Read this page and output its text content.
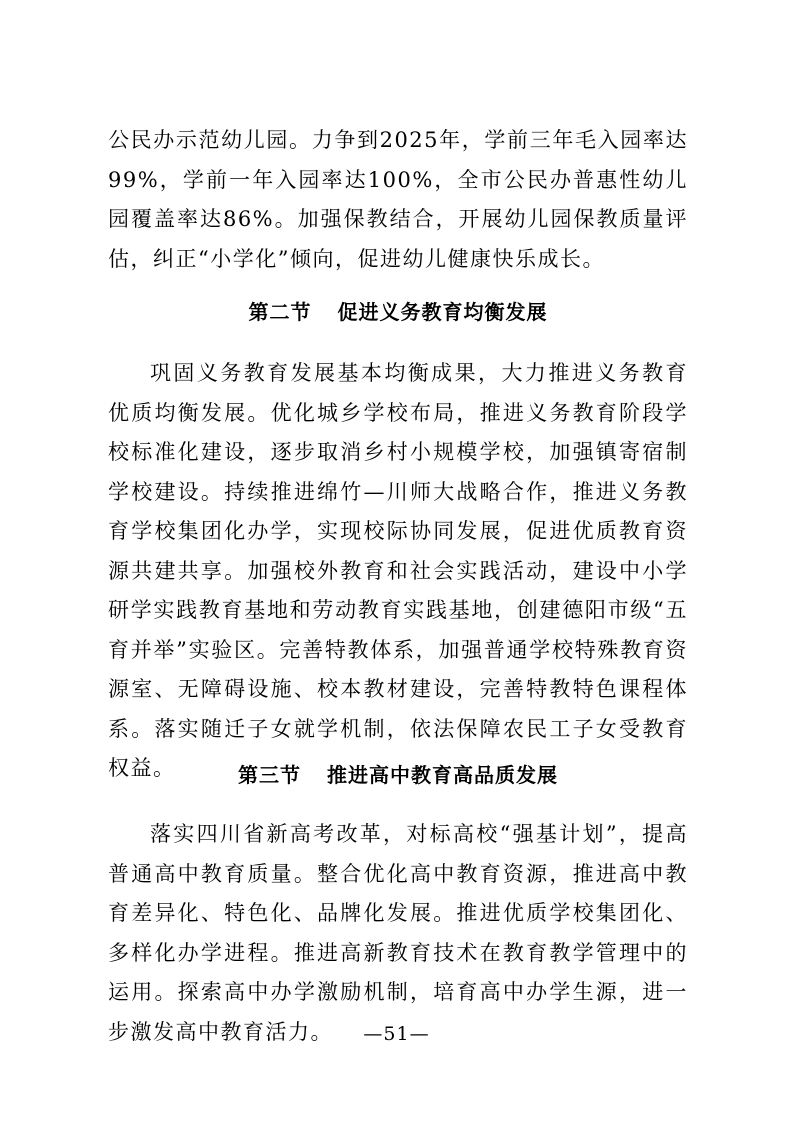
公民办示范幼儿园。力争到2025年，学前三年毛入园率达99%，学前一年入园率达100%，全市公民办普惠性幼儿园覆盖率达86%。加强保教结合，开展幼儿园保教质量评估，纠正“小学化”倾向，促进幼儿健康快乐成长。

第二节 促进义务教育均衡发展

巩固义务教育发展基本均衡成果，大力推进义务教育优质均衡发展。优化城乡学校布局，推进义务教育阶段学校标准化建设，逐步取消乡村小规模学校，加强镇寄宿制学校建设。持续推进绵竹—川师大战略合作，推进义务教育学校集团化办学，实现校际协同发展，促进优质教育资源共建共享。加强校外教育和社会实践活动，建设中小学研学实践教育基地和劳动教育实践基地，创建德阳市级“五育并举”实验区。完善特教体系，加强普通学校特殊教育资源室、无障碍设施、校本教材建设，完善特教特色课程体系。落实随迁子女就学机制，依法保障农民工子女受教育权益。	第三节 推进高中教育高品质发展

落实四川省新高考改革，对标高校“强基计划”，提高普通高中教育质量。整合优化高中教育资源，推进高中教育差异化、特色化、品牌化发展。推进优质学校集团化、多样化办学进程。推进高新教育技术在教育教学管理中的运用。探索高中办学激励机制，培育高中办学生源，进一步激发高中教育活力。	—51—
